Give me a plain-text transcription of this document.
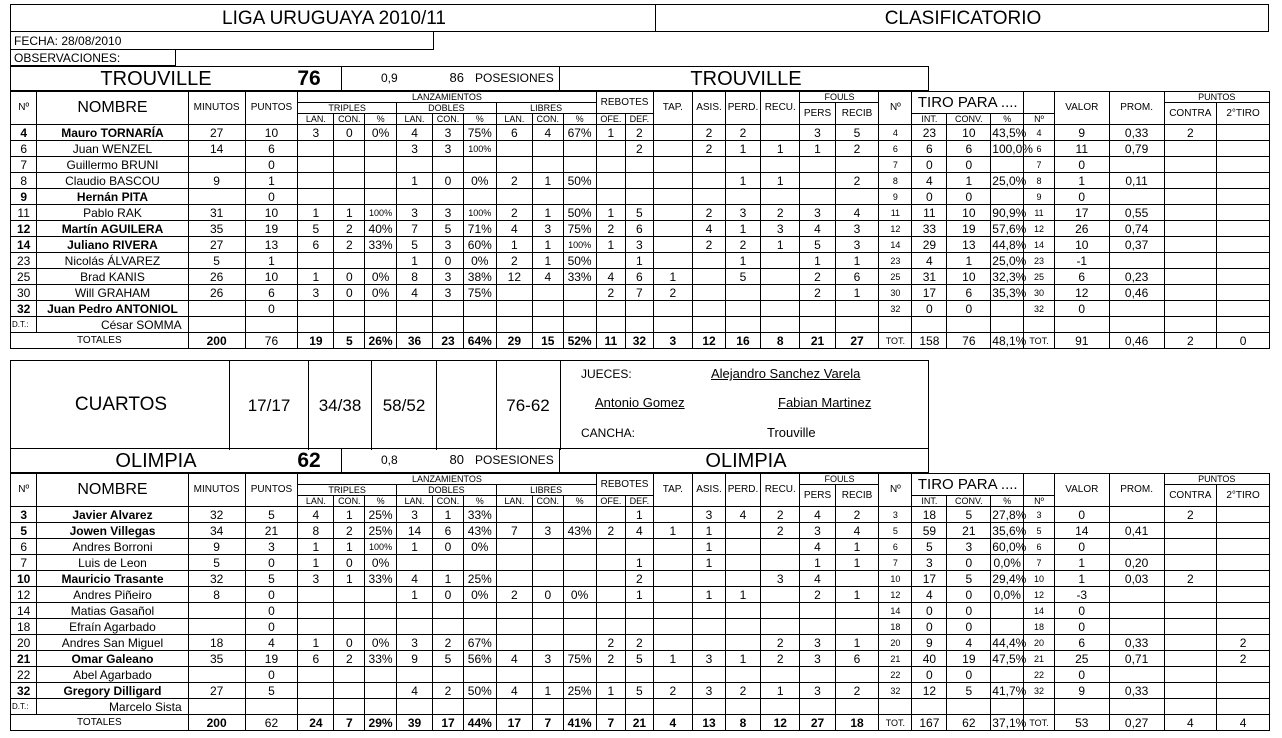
LIGA URUGUAYA 2010/11	CLASIFICATORIO
FECHA: 28/08/2010
OBSERVACIONES:
TROUVILLE	76	0,9	86 POSESIONES	TROUVILLE
Nº	NOMBRE	MINUTOS	PUNTOS	LANZAMIENTOS									REBOTES		TAP.	ASIS.	PERD.	RECU.	FOULS		Nº	TIRO PARA ....				VALOR	PROM.	PUNTOS	
				TRIPLES			DOBLES			LIBRES									PERS	RECIB								CONTRA	2°TIRO
				LAN.	CON.	%	LAN.	CON.	%	LAN.	CON.	%	OFE.	DEF.								INT.	CONV.	%	Nº				
4	Mauro TORNARÍA	27	10	3	0	0%	4	3	75%	6	4	67%	1	2		2	2		3	5	4	23	10	43,5%	4	9	0,33	2	
6	Juan WENZEL	14	6				3	3	100%					2		2	1	1	1	2	6	6	6	100,0%	6	11	0,79		
7	Guillermo BRUNI		0																		7	0	0		7	0			
8	Claudio BASCOU	9	1				1	0	0%	2	1	50%					1	1		2	8	4	1	25,0%	8	1	0,11		
9	Hernán PITA		0																		9	0	0		9	0			
11	Pablo RAK	31	10	1	1	100%	3	3	100%	2	1	50%	1	5		2	3	2	3	4	11	11	10	90,9%	11	17	0,55		
12	Martín AGUILERA	35	19	5	2	40%	7	5	71%	4	3	75%	2	6		4	1	3	4	3	12	33	19	57,6%	12	26	0,74		
14	Juliano RIVERA	27	13	6	2	33%	5	3	60%	1	1	100%	1	3		2	2	1	5	3	14	29	13	44,8%	14	10	0,37		
23	Nicolás ÁLVAREZ	5	1				1	0	0%	2	1	50%		1			1		1	1	23	4	1	25,0%	23	-1			
25	Brad KANIS	26	10	1	0	0%	8	3	38%	12	4	33%	4	6	1		5		2	6	25	31	10	32,3%	25	6	0,23		
30	Will GRAHAM	26	6	3	0	0%	4	3	75%				2	7	2				2	1	30	17	6	35,3%	30	12	0,46		
32	Juan Pedro ANTONIOL		0																		32	0	0		32	0			
D.T.:	César SOMMA																												
TOTALES		200	76	19	5	26%	36	23	64%	29	15	52%	11	32	3	12	16	8	21	27	TOT.	158	76	48,1%	TOT.	91	0,46	2	0
CUARTOS	17/17 34/38 58/52	76-62
JUECES:	Alejandro Sanchez Varela
Antonio Gomez	Fabian Martinez
CANCHA:	Trouville
OLIMPIA	62	0,8	80 POSESIONES	OLIMPIA
Nº	NOMBRE	MINUTOS	PUNTOS	LANZAMIENTOS									REBOTES		TAP.	ASIS.	PERD.	RECU.	FOULS		Nº	TIRO PARA ....				VALOR	PROM.	PUNTOS	
				TRIPLES			DOBLES			LIBRES									PERS	RECIB								CONTRA	2°TIRO
				LAN.	CON.	%	LAN.	CON.	%	LAN.	CON.	%	OFE.	DEF.								INT.	CONV.	%	Nº				
3	Javier Alvarez	32	5	4	1	25%	3	1	33%					1		3	4	2	4	2	3	18	5	27,8%	3	0		2	
5	Jowen Villegas	34	21	8	2	25%	14	6	43%	7	3	43%	2	4	1	1		2	3	4	5	59	21	35,6%	5	14	0,41		
6	Andres Borroni	9	3	1	1	100%	1	0	0%							1			4	1	6	5	3	60,0%	6	0			
7	Luis de Leon	5	0	1	0	0%								1		1			1	1	7	3	0	0,0%	7	1	0,20		
10	Mauricio Trasante	32	5	3	1	33%	4	1	25%					2				3	4		10	17	5	29,4%	10	1	0,03	2	
12	Andres Piñeiro	8	0				1	0	0%	2	0	0%		1		1	1		2	1	12	4	0	0,0%	12	-3			
14	Matias Gasañol		0																		14	0	0		14	0			
18	Efraín Agarbado		0																		18	0	0		18	0			
20	Andres San Miguel	18	4	1	0	0%	3	2	67%				2	2				2	3	1	20	9	4	44,4%	20	6	0,33		2
21	Omar Galeano	35	19	6	2	33%	9	5	56%	4	3	75%	2	5	1	3	1	2	3	6	21	40	19	47,5%	21	25	0,71		2
22	Abel Agarbado		0																		22	0	0		22	0			
32	Gregory Dilligard	27	5				4	2	50%	4	1	25%	1	5	2	3	2	1	3	2	32	12	5	41,7%	32	9	0,33		
D.T.:	Marcelo Sista																												
TOTALES		200	62	24	7	29%	39	17	44%	17	7	41%	7	21	4	13	8	12	27	18	TOT.	167	62	37,1%	TOT.	53	0,27	4	4
